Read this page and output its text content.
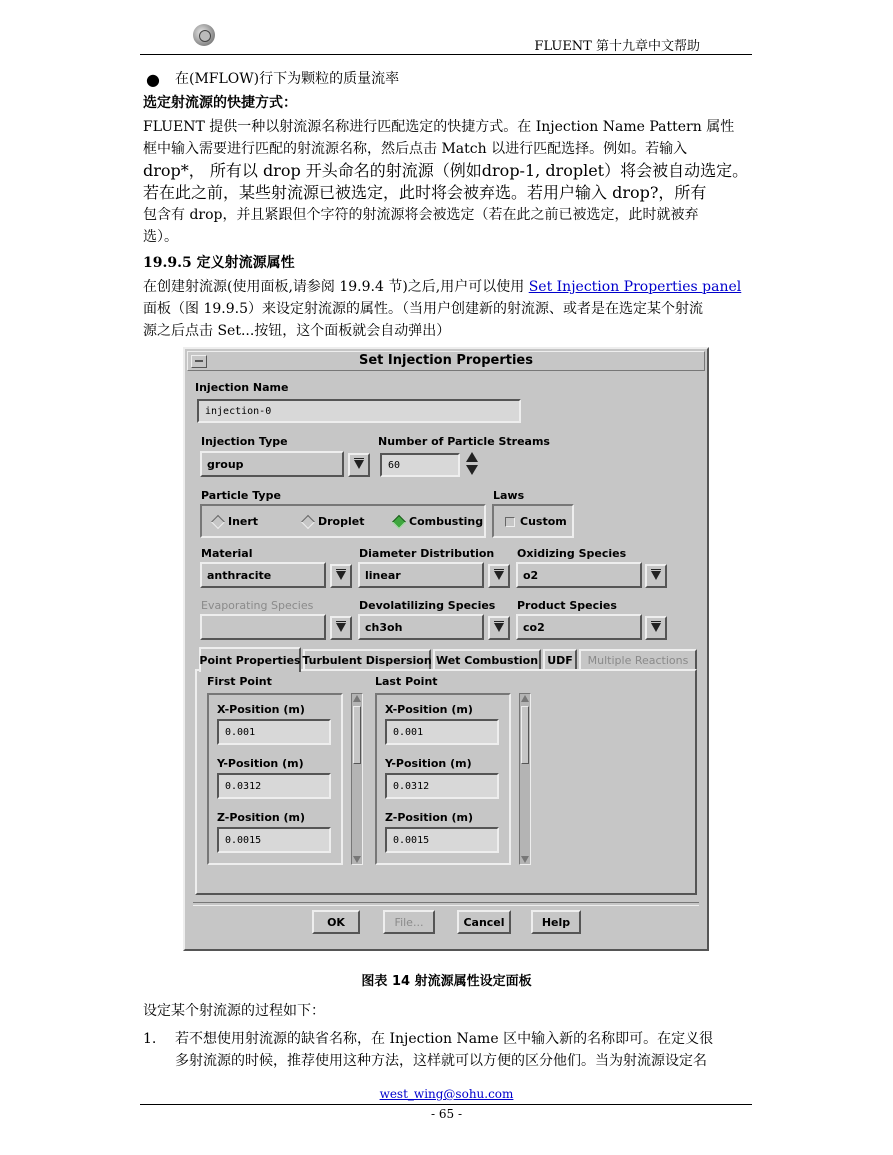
FLUENT 第十九章中文帮助
● 在(MFLOW)行下为颗粒的质量流率
选定射流源的快捷方式：
FLUENT 提供一种以射流源名称进行匹配选定的快捷方式。在 Injection Name Pattern 属性
框中输入需要进行匹配的射流源名称，然后点击 Match 以进行匹配选择。例如。若输入
drop*， 所有以 drop 开头命名的射流源（例如drop-1, droplet）将会被自动选定。
若在此之前，某些射流源已被选定，此时将会被弃选。若用户输入 drop?，所有
包含有 drop，并且紧跟但个字符的射流源将会被选定（若在此之前已被选定，此时就被弃
选）。
19.9.5 定义射流源属性
在创建射流源(使用面板,请参阅 19.9.4 节)之后,用户可以使用 Set Injection Properties panel
面板（图 19.9.5）来设定射流源的属性。（当用户创建新的射流源、或者是在选定某个射流
源之后点击 Set...按钮，这个面板就会自动弹出）
Set Injection Properties
Injection Name
injection-0
Injection Type
group
Number of Particle Streams
60
Particle Type
Inert	Droplet	Combusting
Laws
Custom
Material
anthracite
Diameter Distribution
linear
Oxidizing Species
o2
Evaporating Species	Devolatilizing Species
ch3oh
Product Species
co2
Point Properties Turbulent Dispersion Wet Combustion UDF	Multiple Reactions
First Point	Last Point
X-Position (m)
0.001
Y-Position (m)
0.0312
Z-Position (m)
0.0015
X-Position (m)
0.001
Y-Position (m)
0.0312
Z-Position (m)
0.0015
OK	File...	Cancel	Help
图表 14 射流源属性设定面板
设定某个射流源的过程如下：
1.	若不想使用射流源的缺省名称，在 Injection Name 区中输入新的名称即可。在定义很
多射流源的时候，推荐使用这种方法，这样就可以方便的区分他们。当为射流源设定名
west_wing@sohu.com
- 65 -
